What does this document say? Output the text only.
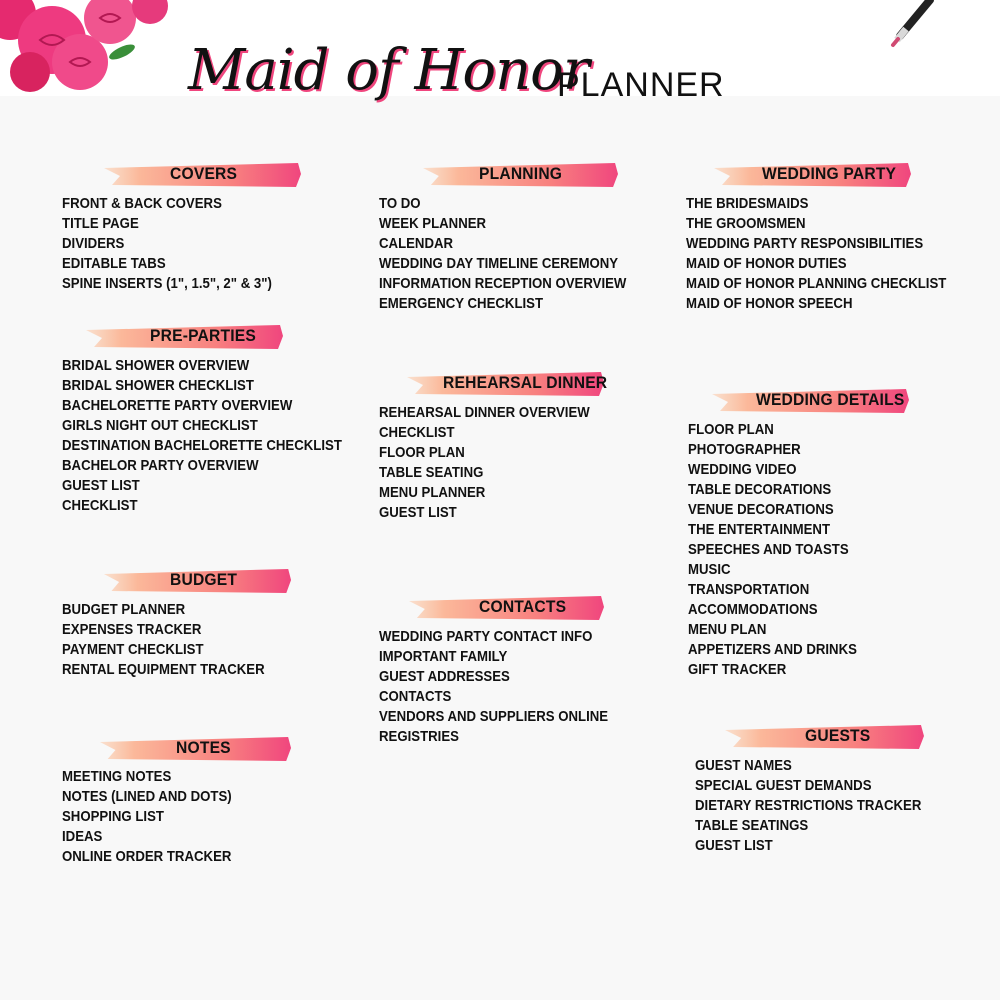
Maid of Honor
PLANNER
COVERS
FRONT & BACK COVERS
TITLE PAGE
DIVIDERS
EDITABLE TABS
SPINE INSERTS (1", 1.5", 2" & 3")
PRE-PARTIES
BRIDAL SHOWER OVERVIEW
BRIDAL SHOWER CHECKLIST
BACHELORETTE PARTY OVERVIEW
GIRLS NIGHT OUT CHECKLIST
DESTINATION BACHELORETTE CHECKLIST
BACHELOR PARTY OVERVIEW
GUEST LIST
CHECKLIST
BUDGET
BUDGET PLANNER
EXPENSES TRACKER
PAYMENT CHECKLIST
RENTAL EQUIPMENT TRACKER
NOTES
MEETING NOTES
NOTES (LINED AND DOTS)
SHOPPING LIST
IDEAS
ONLINE ORDER TRACKER
PLANNING
TO DO
WEEK PLANNER
CALENDAR
WEDDING DAY TIMELINE CEREMONY
INFORMATION RECEPTION OVERVIEW
EMERGENCY CHECKLIST
REHEARSAL DINNER
REHEARSAL DINNER OVERVIEW
CHECKLIST
FLOOR PLAN
TABLE SEATING
MENU PLANNER
GUEST LIST
CONTACTS
WEDDING PARTY CONTACT INFO
IMPORTANT FAMILY
GUEST ADDRESSES
CONTACTS
VENDORS AND SUPPLIERS ONLINE
REGISTRIES
WEDDING PARTY
THE BRIDESMAIDS
THE GROOMSMEN
WEDDING PARTY RESPONSIBILITIES
MAID OF HONOR DUTIES
MAID OF HONOR PLANNING CHECKLIST
MAID OF HONOR SPEECH
WEDDING DETAILS
FLOOR PLAN
PHOTOGRAPHER
WEDDING VIDEO
TABLE DECORATIONS
VENUE DECORATIONS
THE ENTERTAINMENT
SPEECHES AND TOASTS
MUSIC
TRANSPORTATION
ACCOMMODATIONS
MENU PLAN
APPETIZERS AND DRINKS
GIFT TRACKER
GUESTS
GUEST NAMES
SPECIAL GUEST DEMANDS
DIETARY RESTRICTIONS TRACKER
TABLE SEATINGS
GUEST LIST
